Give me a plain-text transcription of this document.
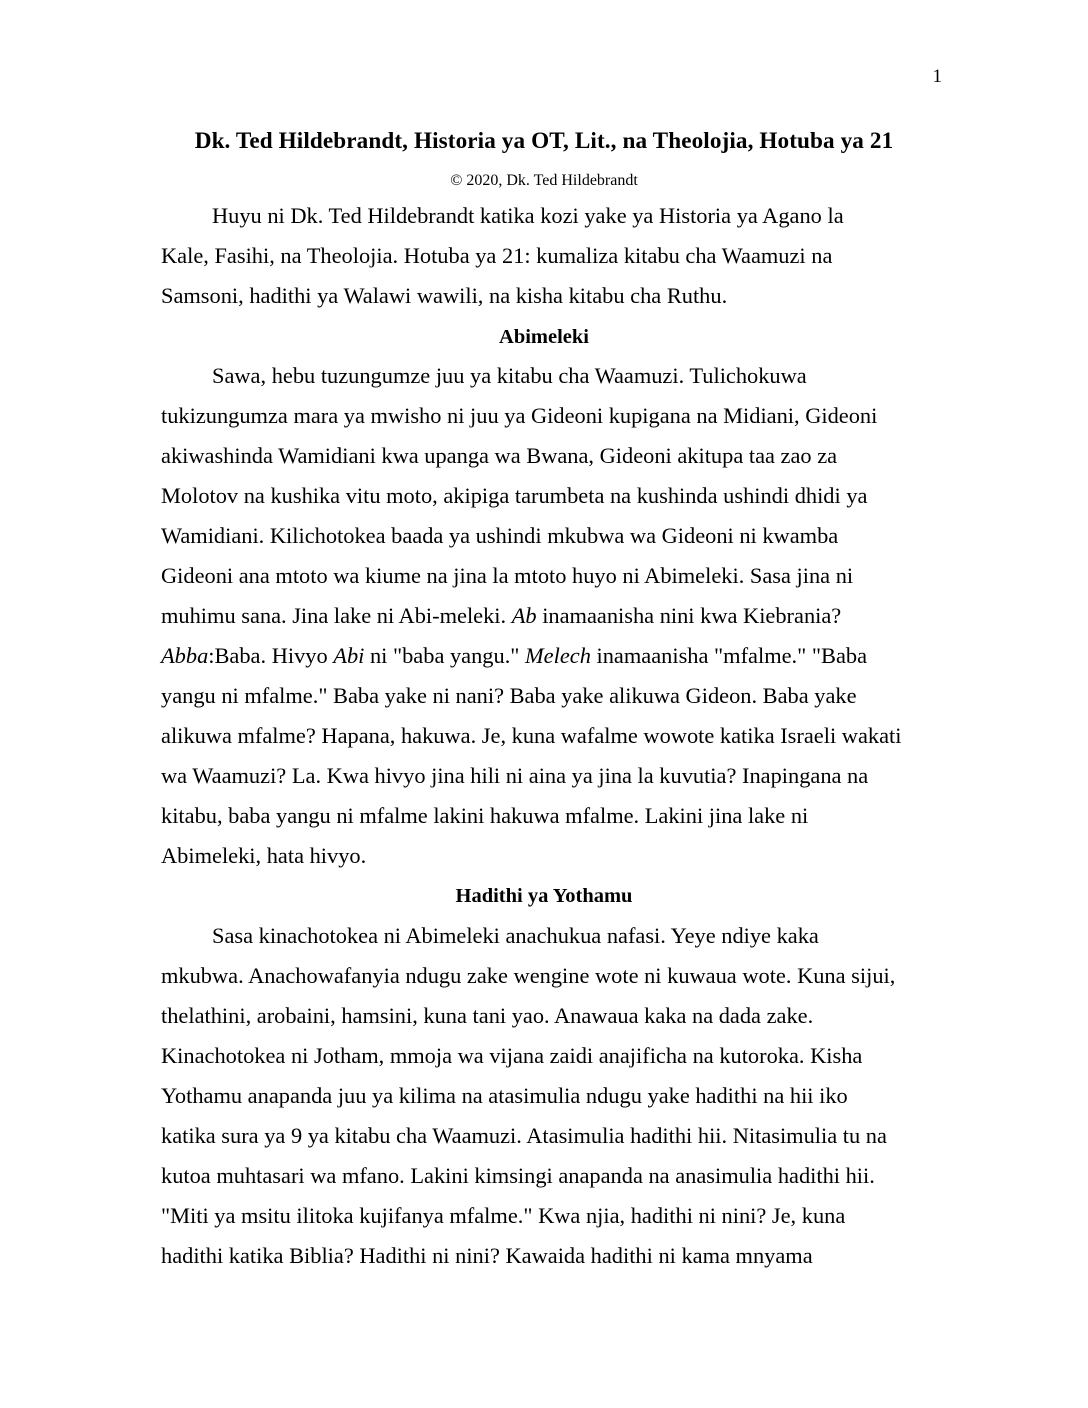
1
Dk. Ted Hildebrandt, Historia ya OT, Lit., na Theolojia, Hotuba ya 21
© 2020, Dk. Ted Hildebrandt
Huyu ni Dk. Ted Hildebrandt katika kozi yake ya Historia ya Agano la
Kale, Fasihi, na Theolojia. Hotuba ya 21: kumaliza kitabu cha Waamuzi na
Samsoni, hadithi ya Walawi wawili, na kisha kitabu cha Ruthu.
Abimeleki
Sawa, hebu tuzungumze juu ya kitabu cha Waamuzi. Tulichokuwa
tukizungumza mara ya mwisho ni juu ya Gideoni kupigana na Midiani, Gideoni
akiwashinda Wamidiani kwa upanga wa Bwana, Gideoni akitupa taa zao za
Molotov na kushika vitu moto, akipiga tarumbeta na kushinda ushindi dhidi ya
Wamidiani. Kilichotokea baada ya ushindi mkubwa wa Gideoni ni kwamba
Gideoni ana mtoto wa kiume na jina la mtoto huyo ni Abimeleki. Sasa jina ni
muhimu sana. Jina lake ni Abi-meleki. Ab inamaanisha nini kwa Kiebrania?
Abba:Baba. Hivyo Abi ni "baba yangu." Melech inamaanisha "mfalme." "Baba
yangu ni mfalme." Baba yake ni nani? Baba yake alikuwa Gideon. Baba yake
alikuwa mfalme? Hapana, hakuwa. Je, kuna wafalme wowote katika Israeli wakati
wa Waamuzi? La. Kwa hivyo jina hili ni aina ya jina la kuvutia? Inapingana na
kitabu, baba yangu ni mfalme lakini hakuwa mfalme. Lakini jina lake ni
Abimeleki, hata hivyo.
Hadithi ya Yothamu
Sasa kinachotokea ni Abimeleki anachukua nafasi. Yeye ndiye kaka
mkubwa. Anachowafanyia ndugu zake wengine wote ni kuwaua wote. Kuna sijui,
thelathini, arobaini, hamsini, kuna tani yao. Anawaua kaka na dada zake.
Kinachotokea ni Jotham, mmoja wa vijana zaidi anajificha na kutoroka. Kisha
Yothamu anapanda juu ya kilima na atasimulia ndugu yake hadithi na hii iko
katika sura ya 9 ya kitabu cha Waamuzi. Atasimulia hadithi hii. Nitasimulia tu na
kutoa muhtasari wa mfano. Lakini kimsingi anapanda na anasimulia hadithi hii.
"Miti ya msitu ilitoka kujifanya mfalme." Kwa njia, hadithi ni nini? Je, kuna
hadithi katika Biblia? Hadithi ni nini? Kawaida hadithi ni kama mnyama
